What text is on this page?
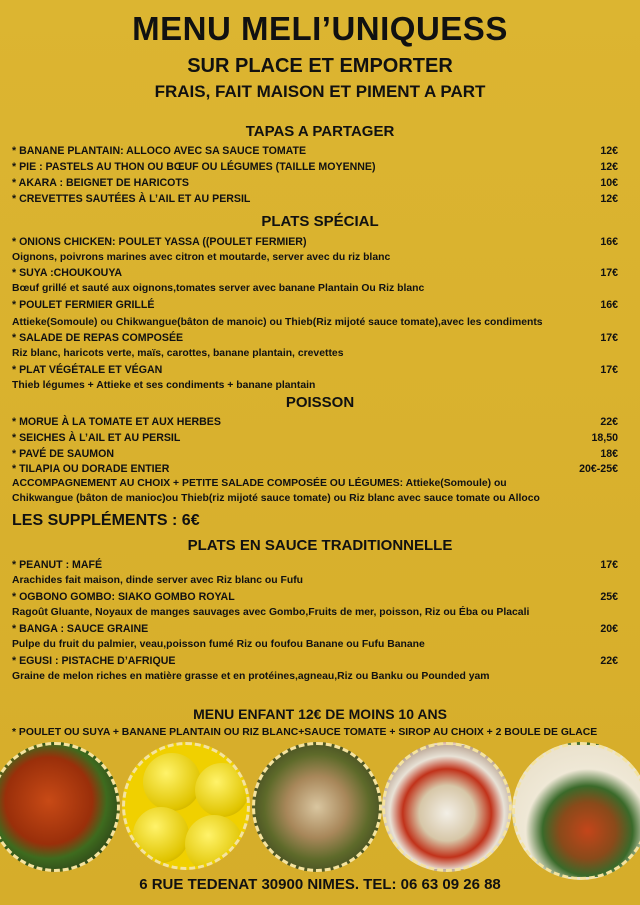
MENU MELI’UNIQUESS
SUR PLACE ET EMPORTER
FRAIS, FAIT MAISON ET PIMENT A PART
TAPAS A PARTAGER
* BANANE PLANTAIN: ALLOCO AVEC SA SAUCE TOMATE	12€
* PIE : PASTELS AU THON OU BŒUF OU LÉGUMES (TAILLE MOYENNE)	12€
* AKARA : BEIGNET DE HARICOTS	10€
* CREVETTES SAUTÉES À L’AIL ET AU PERSIL	12€
PLATS SPÉCIAL
* ONIONS CHICKEN: POULET YASSA ((POULET FERMIER)	16€
Oignons, poivrons marines avec citron et moutarde, server avec du riz blanc
* SUYA :CHOUKOUYA	17€
Bœuf grillé et sauté aux oignons,tomates server avec banane Plantain Ou Riz blanc
* POULET FERMIER GRILLÉ	16€
Attieke(Somoule) ou Chikwangue(bâton de manoic) ou Thieb(Riz mijoté sauce tomate),avec les condiments
* SALADE DE REPAS COMPOSÉE	17€
Riz blanc, haricots verte, maïs, carottes, banane plantain, crevettes
* PLAT VÉGÉTALE ET VÉGAN	17€
Thieb légumes + Attieke et ses condiments + banane plantain
POISSON
* MORUE À LA TOMATE ET AUX HERBES	22€
* SEICHES À L’AIL ET AU PERSIL	18,50
* PAVÉ DE SAUMON	18€
* TILAPIA OU DORADE ENTIER	20€-25€
ACCOMPAGNEMENT AU CHOIX + PETITE SALADE COMPOSÉE OU LÉGUMES: Attieke(Somoule) ou
Chikwangue (bâton de manioc)ou Thieb(riz mijoté sauce tomate) ou Riz blanc avec sauce tomate ou Alloco
LES SUPPLÉMENTS : 6€
PLATS EN SAUCE TRADITIONNELLE
* PEANUT : MAFÉ	17€
Arachides fait maison, dinde server avec Riz blanc ou Fufu
* OGBONO GOMBO: SIAKO GOMBO ROYAL	25€
Ragoût Gluante, Noyaux de manges sauvages avec Gombo,Fruits de mer, poisson, Riz ou Éba ou Placali
* BANGA : SAUCE GRAINE	20€
Pulpe du fruit du palmier, veau,poisson fumé Riz ou foufou Banane ou Fufu Banane
* EGUSI : PISTACHE D’AFRIQUE	22€
Graine de melon riches en matière grasse et en protéines,agneau,Riz ou Banku ou Pounded yam
MENU ENFANT 12€ DE MOINS 10 ANS
* POULET OU SUYA + BANANE PLANTAIN OU RIZ BLANC+SAUCE TOMATE + SIROP AU CHOIX + 2 BOULE DE GLACE
6 RUE TEDENAT 30900 NIMES. TEL: 06 63 09 26 88
